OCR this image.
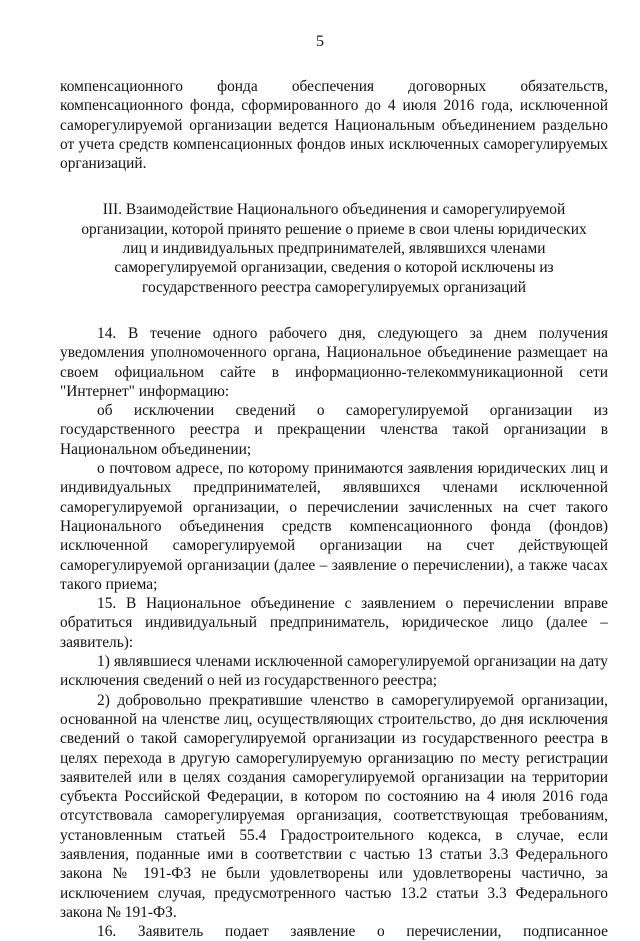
5

компенсационного фонда обеспечения договорных обязательств, компенсационного фонда, сформированного до 4 июля 2016 года, исключенной саморегулируемой организации ведется Национальным объединением раздельно от учета средств компенсационных фондов иных исключенных саморегулируемых организаций.

III. Взаимодействие Национального объединения и саморегулируемой организации, которой принято решение о приеме в свои члены юридических лиц и индивидуальных предпринимателей, являвшихся членами саморегулируемой организации, сведения о которой исключены из государственного реестра саморегулируемых организаций

14. В течение одного рабочего дня, следующего за днем получения уведомления уполномоченного органа, Национальное объединение размещает на своем официальном сайте в информационно-телекоммуникационной сети "Интернет" информацию:

об исключении сведений о саморегулируемой организации из государственного реестра и прекращении членства такой организации в Национальном объединении;

о почтовом адресе, по которому принимаются заявления юридических лиц и индивидуальных предпринимателей, являвшихся членами исключенной саморегулируемой организации, о перечислении зачисленных на счет такого Национального объединения средств компенсационного фонда (фондов) исключенной саморегулируемой организации на счет действующей саморегулируемой организации (далее – заявление о перечислении), а также часах такого приема;

15. В Национальное объединение с заявлением о перечислении вправе обратиться индивидуальный предприниматель, юридическое лицо (далее – заявитель):

1) являвшиеся членами исключенной саморегулируемой организации на дату исключения сведений о ней из государственного реестра;

2) добровольно прекратившие членство в саморегулируемой организации, основанной на членстве лиц, осуществляющих строительство, до дня исключения сведений о такой саморегулируемой организации из государственного реестра в целях перехода в другую саморегулируемую организацию по месту регистрации заявителей или в целях создания саморегулируемой организации на территории субъекта Российской Федерации, в котором по состоянию на 4 июля 2016 года отсутствовала саморегулируемая организация, соответствующая требованиям, установленным статьей 55.4 Градостроительного кодекса, в случае, если заявления, поданные ими в соответствии с частью 13 статьи 3.3 Федерального закона № 191-ФЗ не были удовлетворены или удовлетворены частично, за исключением случая, предусмотренного частью 13.2 статьи 3.3 Федерального закона № 191-ФЗ.

16. Заявитель подает заявление о перечислении, подписанное
